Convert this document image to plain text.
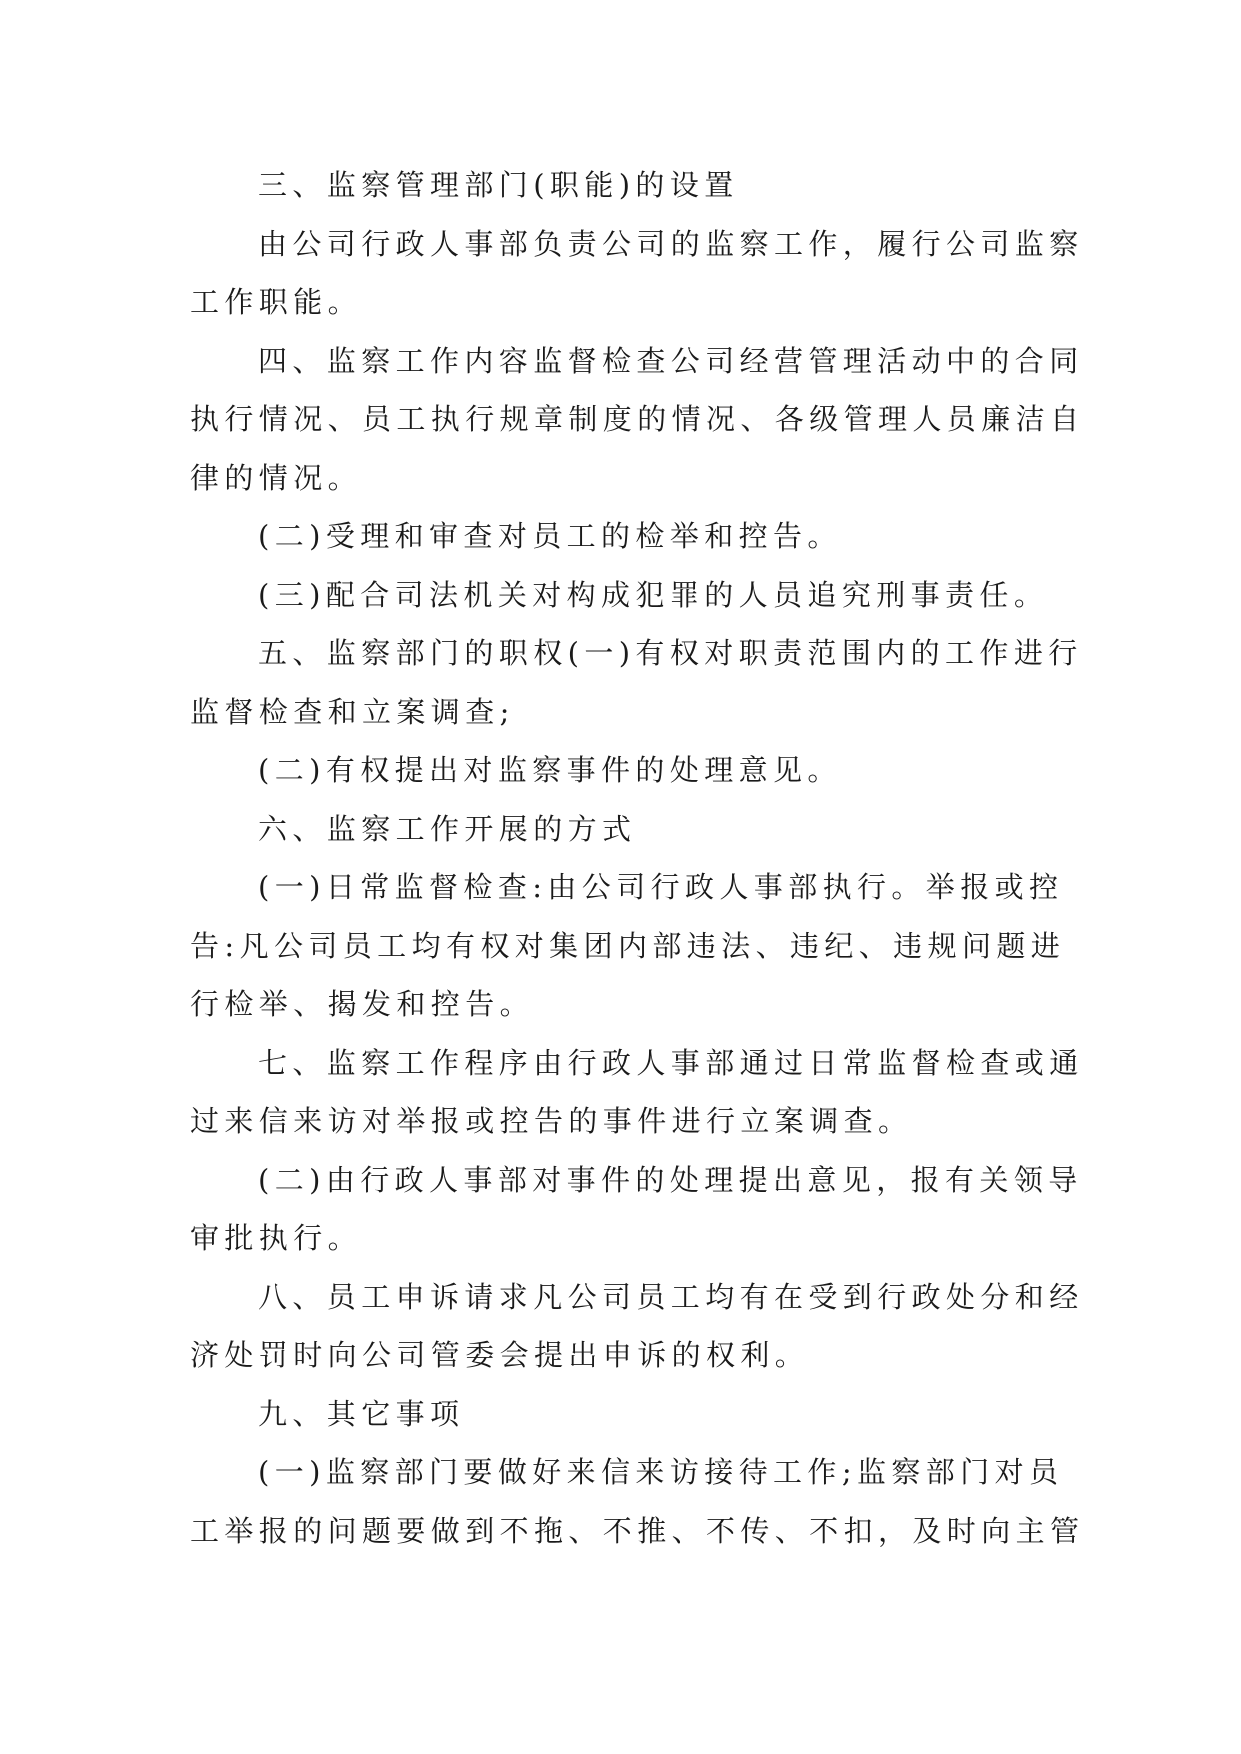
三、监察管理部门(职能)的设置

由公司行政人事部负责公司的监察工作，履行公司监察
工作职能。

四、监察工作内容监督检查公司经营管理活动中的合同
执行情况、员工执行规章制度的情况、各级管理人员廉洁自
律的情况。

(二)受理和审查对员工的检举和控告。

(三)配合司法机关对构成犯罪的人员追究刑事责任。

五、监察部门的职权(一)有权对职责范围内的工作进行
监督检查和立案调查;

(二)有权提出对监察事件的处理意见。

六、监察工作开展的方式

(一)日常监督检查:由公司行政人事部执行。举报或控
告:凡公司员工均有权对集团内部违法、违纪、违规问题进
行检举、揭发和控告。

七、监察工作程序由行政人事部通过日常监督检查或通
过来信来访对举报或控告的事件进行立案调查。

(二)由行政人事部对事件的处理提出意见，报有关领导
审批执行。

八、员工申诉请求凡公司员工均有在受到行政处分和经
济处罚时向公司管委会提出申诉的权利。

九、其它事项

(一)监察部门要做好来信来访接待工作;监察部门对员
工举报的问题要做到不拖、不推、不传、不扣，及时向主管
